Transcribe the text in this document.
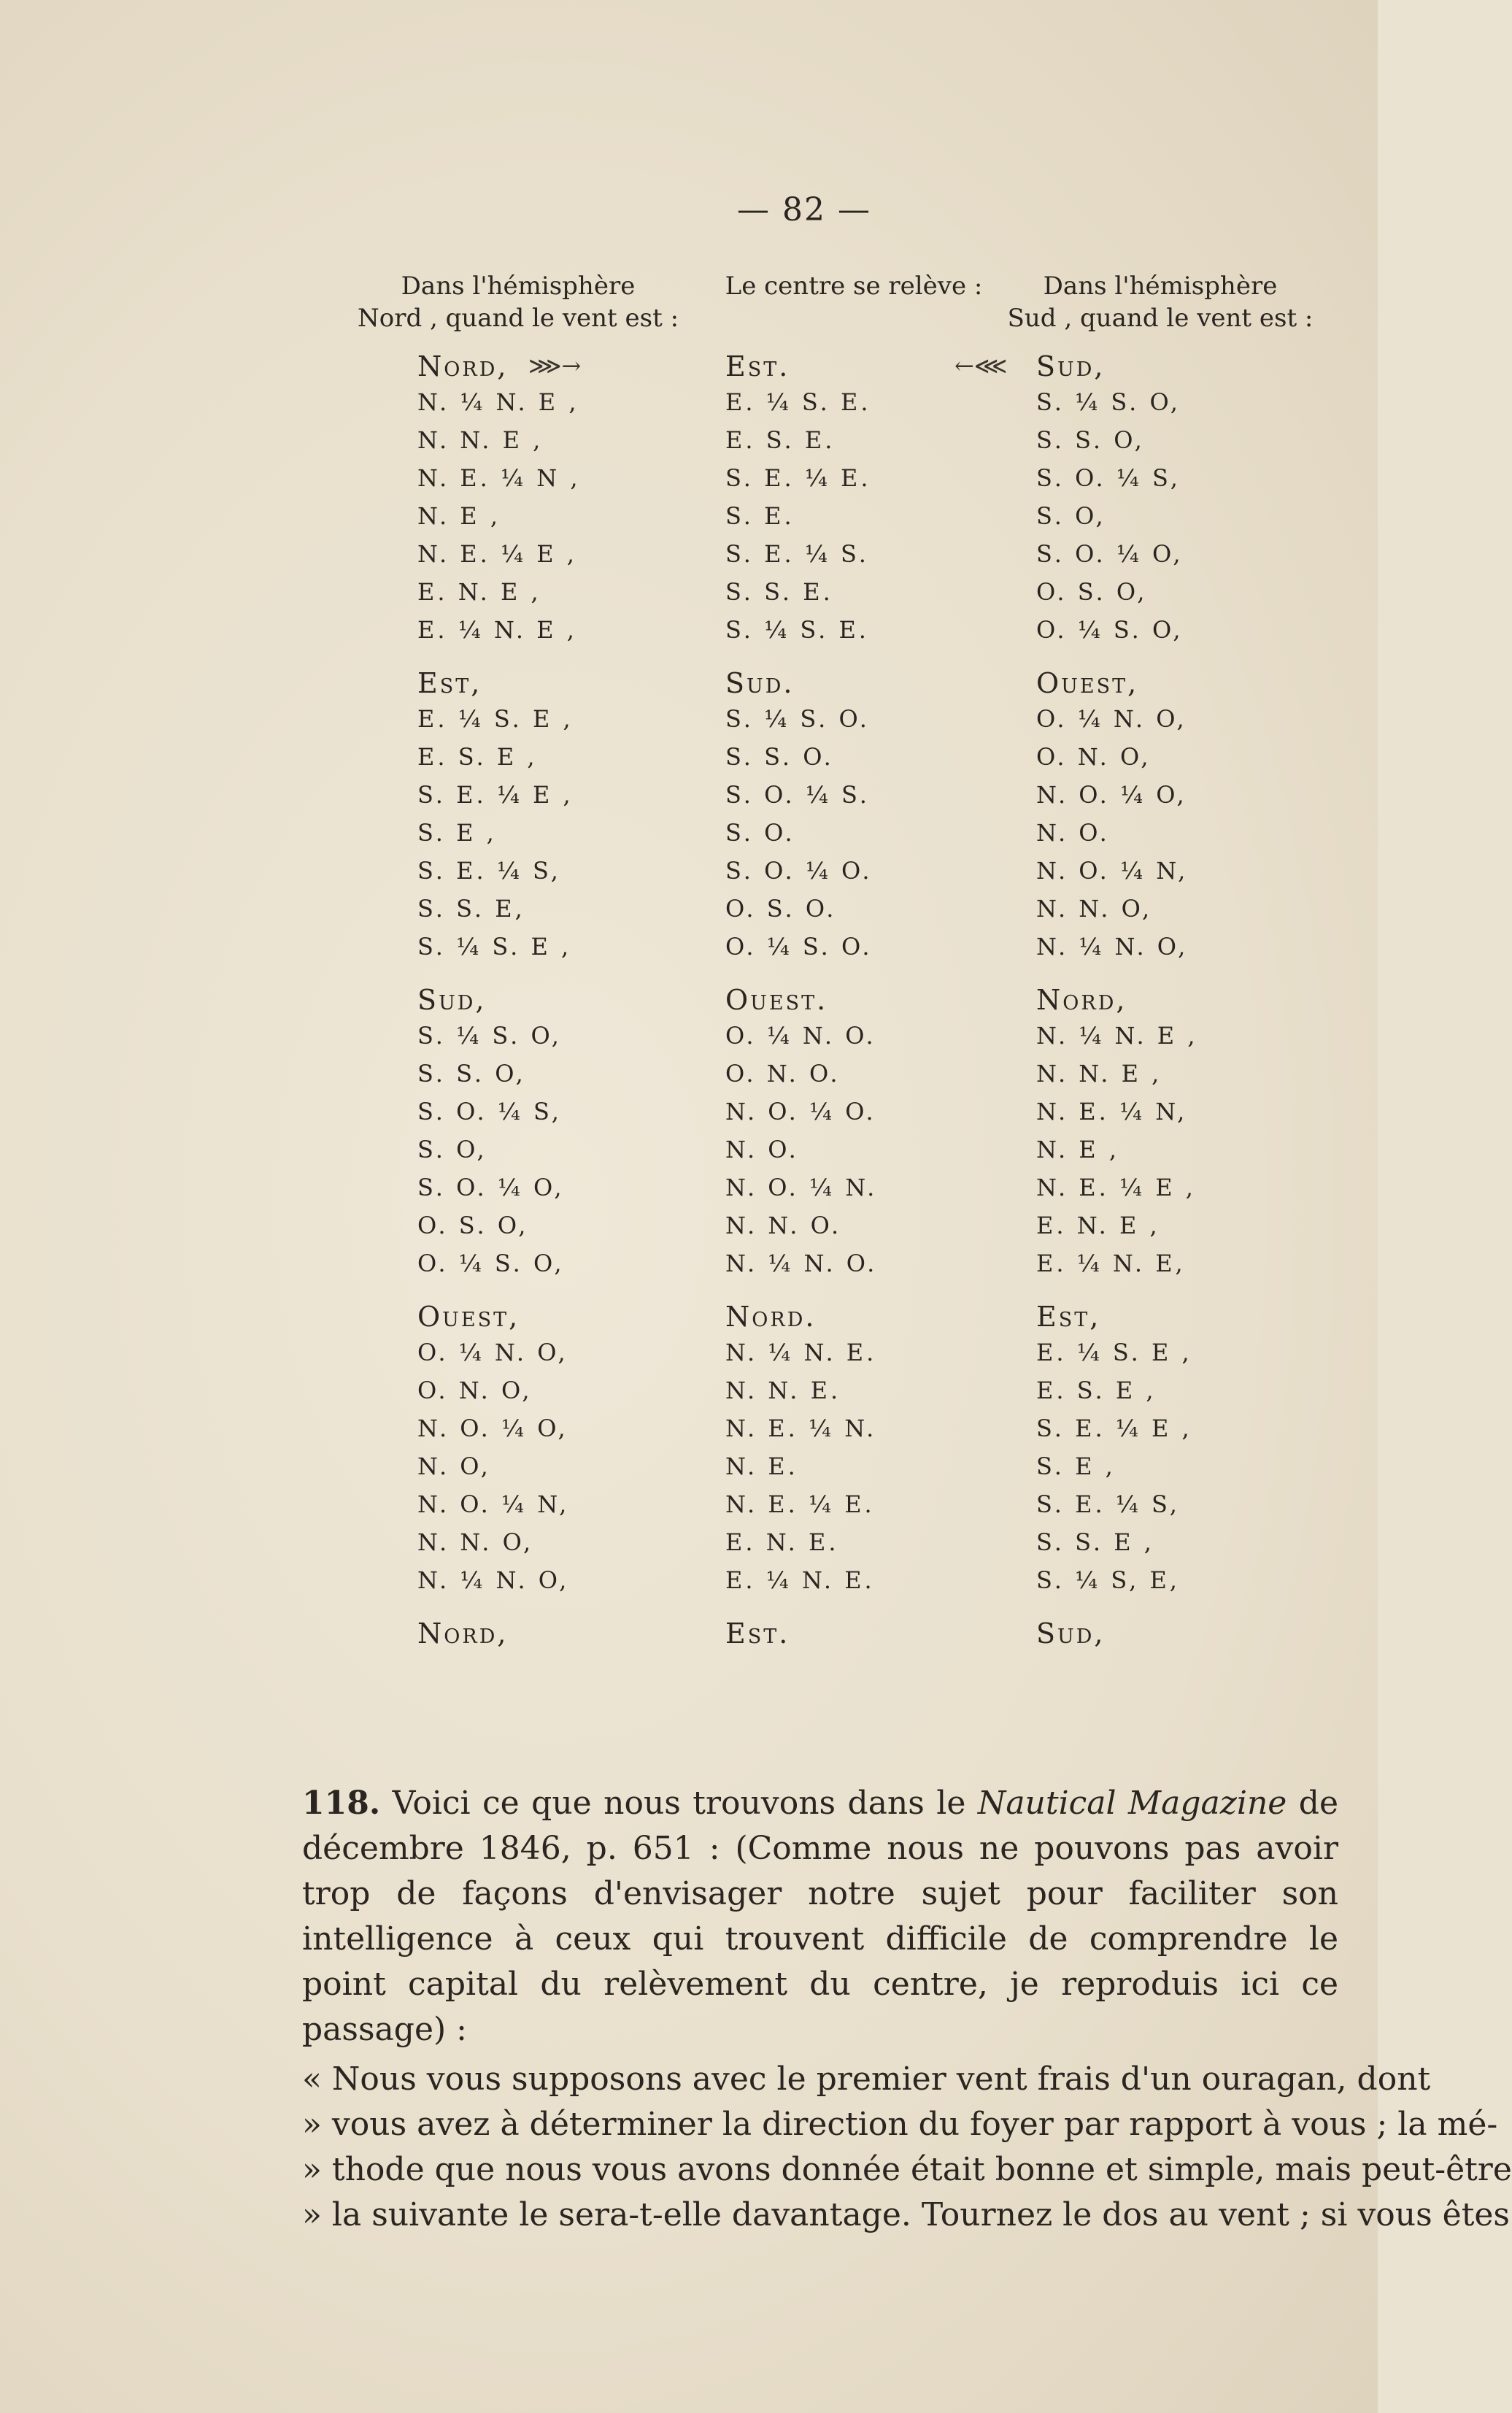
— 82 —
Dans l'hémisphère
Nord , quand le vent est :
Le centre se relève :	Dans l'hémisphère
Sud , quand le vent est :
Nord,	Est.	Sud,
⋙→	←⋘
N. ¼ N. E ,	E. ¼ S. E.	S. ¼ S. O,
N. N. E ,	E. S. E.	S. S. O,
N. E. ¼ N ,	S. E. ¼ E.	S. O. ¼ S,
N. E ,	S. E.	S. O,
N. E. ¼ E ,	S. E. ¼ S.	S. O. ¼ O,
E. N. E ,	S. S. E.	O. S. O,
E. ¼ N. E ,	S. ¼ S. E.	O. ¼ S. O,
Est,	Sud.	Ouest,
E. ¼ S. E ,	S. ¼ S. O.	O. ¼ N. O,
E. S. E ,	S. S. O.	O. N. O,
S. E. ¼ E ,	S. O. ¼ S.	N. O. ¼ O,
S. E ,	S. O.	N. O.
S. E. ¼ S,	S. O. ¼ O.	N. O. ¼ N,
S. S. E,	O. S. O.	N. N. O,
S. ¼ S. E ,	O. ¼ S. O.	N. ¼ N. O,
Sud,	Ouest.	Nord,
S. ¼ S. O,	O. ¼ N. O.	N. ¼ N. E ,
S. S. O,	O. N. O.	N. N. E ,
S. O. ¼ S,	N. O. ¼ O.	N. E. ¼ N,
S. O,	N. O.	N. E ,
S. O. ¼ O,	N. O. ¼ N.	N. E. ¼ E ,
O. S. O,	N. N. O.	E. N. E ,
O. ¼ S. O,	N. ¼ N. O.	E. ¼ N. E,
Ouest,	Nord.	Est,
O. ¼ N. O,	N. ¼ N. E.	E. ¼ S. E ,
O. N. O,	N. N. E.	E. S. E ,
N. O. ¼ O,	N. E. ¼ N.	S. E. ¼ E ,
N. O,	N. E.	S. E ,
N. O. ¼ N,	N. E. ¼ E.	S. E. ¼ S,
N. N. O,	E. N. E.	S. S. E ,
N. ¼ N. O,	E. ¼ N. E.	S. ¼ S, E,
Nord,	Est.	Sud,

118. Voici ce que nous trouvons dans le Nautical Magazine de décembre 1846, p. 651 : (Comme nous ne pouvons pas avoir trop de façons d'envisager notre sujet pour faciliter son intelligence à ceux qui trouvent difficile de comprendre le point capital du relèvement du centre, je reproduis ici ce passage) :

« Nous vous supposons avec le premier vent frais d'un ouragan, dont
» vous avez à déterminer la direction du foyer par rapport à vous ; la mé-
» thode que nous vous avons donnée était bonne et simple, mais peut-être
» la suivante le sera-t-elle davantage. Tournez le dos au vent ; si vous êtes
